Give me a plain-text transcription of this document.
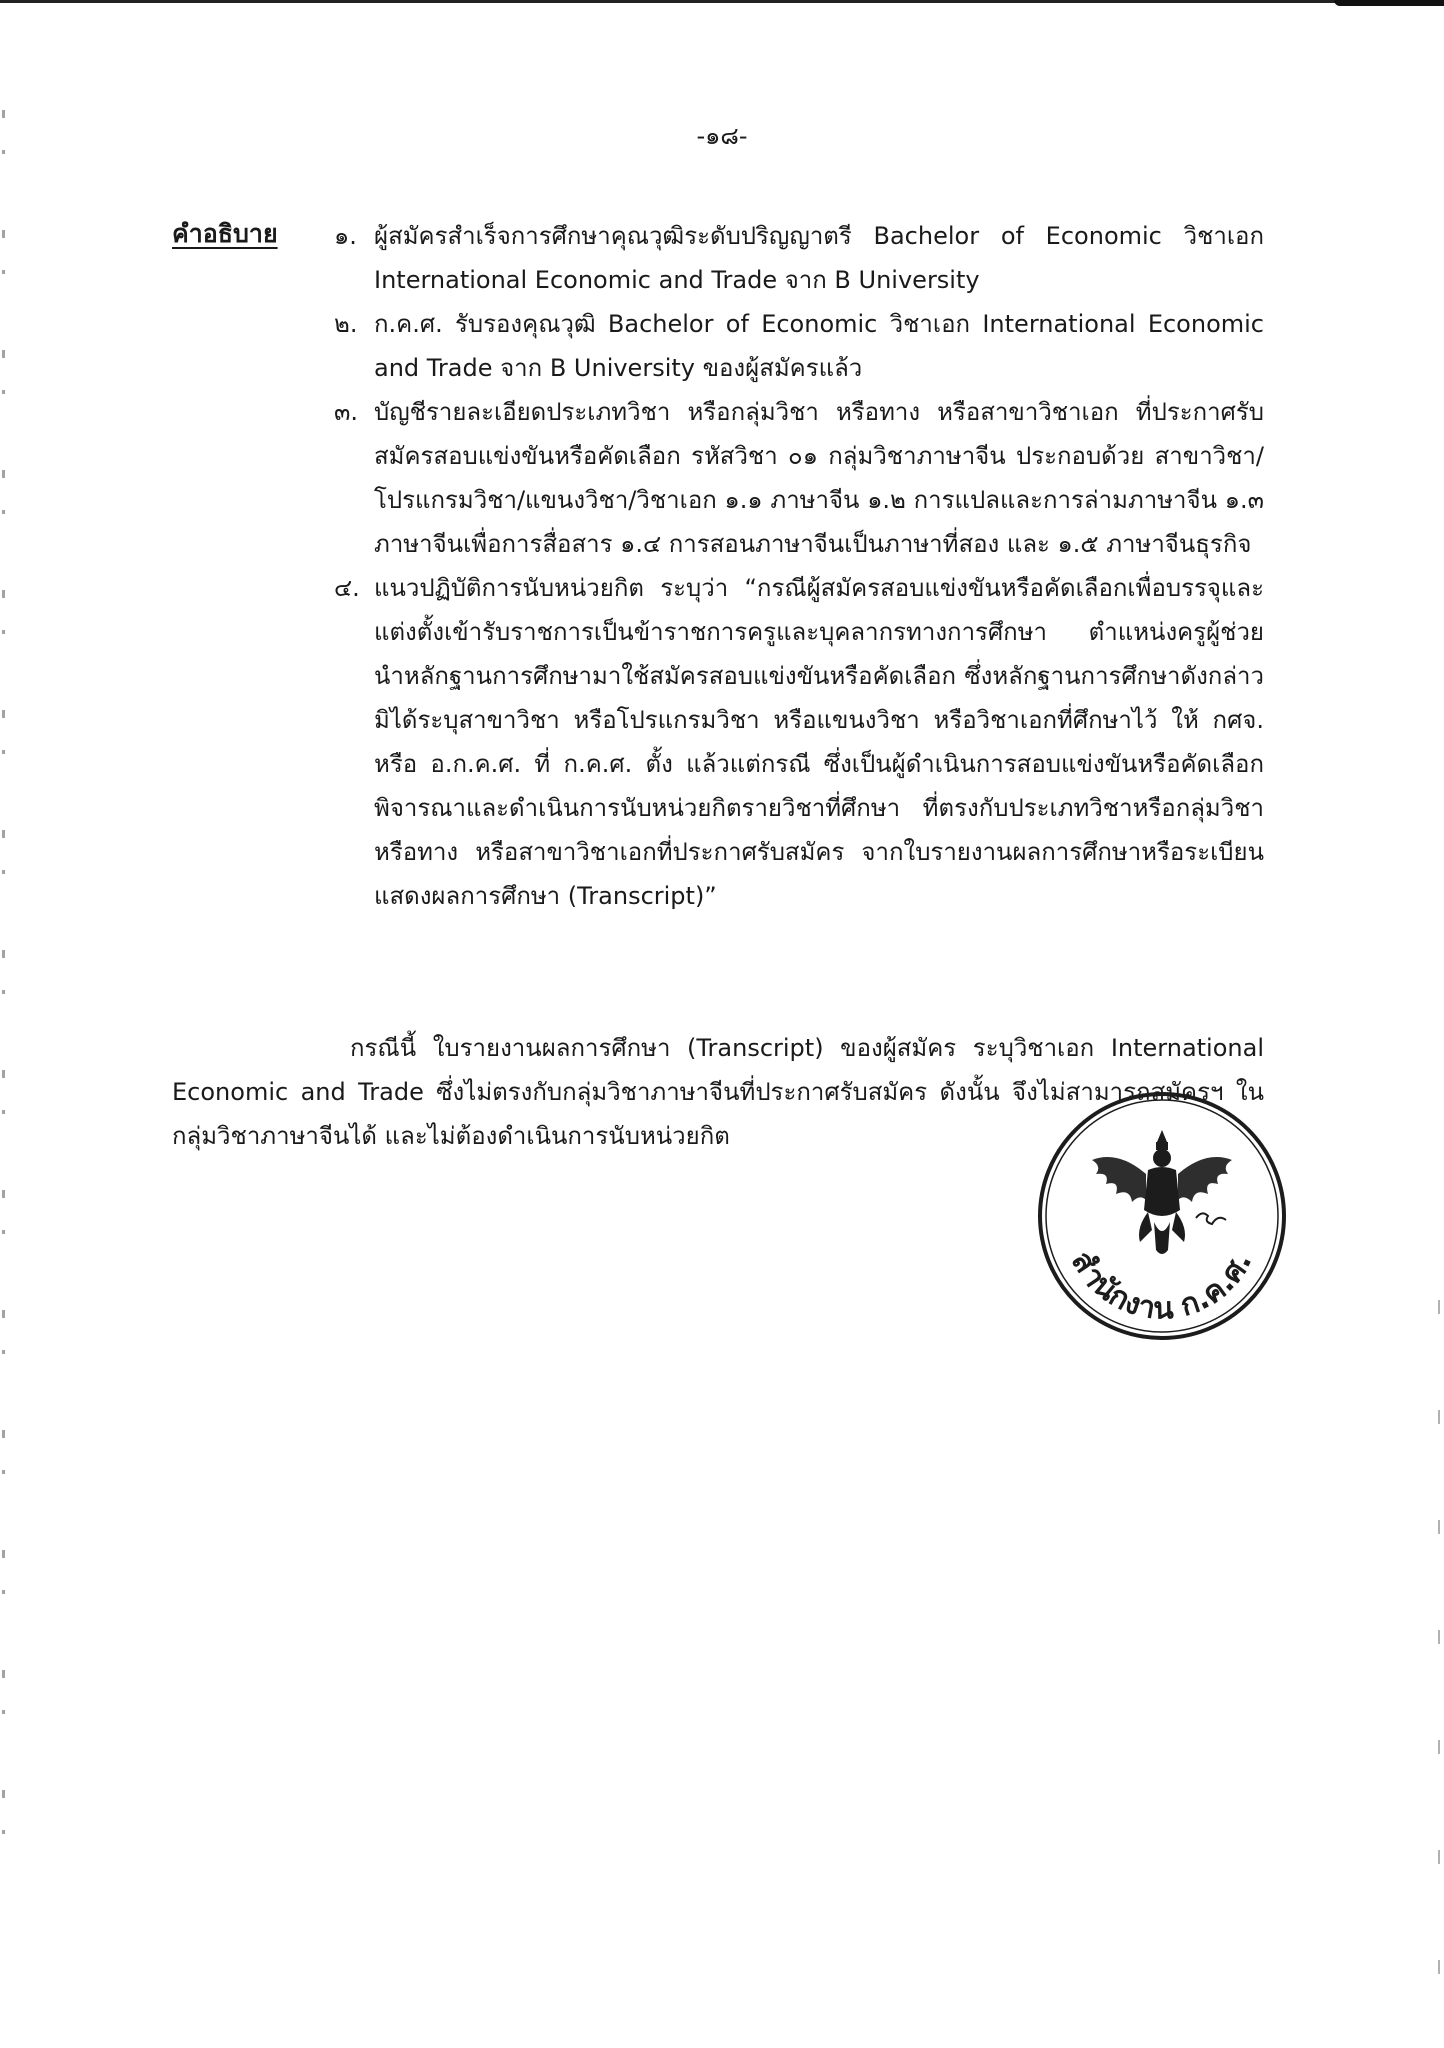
-๑๘-
คำอธิบาย ๑. ผู้สมัครสำเร็จการศึกษาคุณวุฒิระดับปริญญาตรี Bachelor of Economic วิชาเอก International Economic and Trade จาก B University
๒. ก.ค.ศ. รับรองคุณวุฒิ Bachelor of Economic วิชาเอก International Economic and Trade จาก B University ของผู้สมัครแล้ว
๓. บัญชีรายละเอียดประเภทวิชา หรือกลุ่มวิชา หรือทาง หรือสาขาวิชาเอก ที่ประกาศรับสมัครสอบแข่งขันหรือคัดเลือก รหัสวิชา ๐๑ กลุ่มวิชาภาษาจีน ประกอบด้วย สาขาวิชา/โปรแกรมวิชา/แขนงวิชา/วิชาเอก ๑.๑ ภาษาจีน ๑.๒ การแปลและการล่ามภาษาจีน ๑.๓ ภาษาจีนเพื่อการสื่อสาร ๑.๔ การสอนภาษาจีนเป็นภาษาที่สอง และ ๑.๕ ภาษาจีนธุรกิจ
๔. แนวปฏิบัติการนับหน่วยกิต ระบุว่า “กรณีผู้สมัครสอบแข่งขันหรือคัดเลือกเพื่อบรรจุและแต่งตั้งเข้ารับราชการเป็นข้าราชการครูและบุคลากรทางการศึกษา ตำแหน่งครูผู้ช่วย นำหลักฐานการศึกษามาใช้สมัครสอบแข่งขันหรือคัดเลือก ซึ่งหลักฐานการศึกษาดังกล่าวมิได้ระบุสาขาวิชา หรือโปรแกรมวิชา หรือแขนงวิชา หรือวิชาเอกที่ศึกษาไว้ ให้ กศจ. หรือ อ.ก.ค.ศ. ที่ ก.ค.ศ. ตั้ง แล้วแต่กรณี ซึ่งเป็นผู้ดำเนินการสอบแข่งขันหรือคัดเลือกพิจารณาและดำเนินการนับหน่วยกิตรายวิชาที่ศึกษา ที่ตรงกับประเภทวิชาหรือกลุ่มวิชา หรือทาง หรือสาขาวิชาเอกที่ประกาศรับสมัคร จากใบรายงานผลการศึกษาหรือระเบียนแสดงผลการศึกษา (Transcript)”

กรณีนี้ ใบรายงานผลการศึกษา (Transcript) ของผู้สมัคร ระบุวิชาเอก International Economic and Trade ซึ่งไม่ตรงกับกลุ่มวิชาภาษาจีนที่ประกาศรับสมัคร ดังนั้น จึงไม่สามารถสมัครฯ ในกลุ่มวิชาภาษาจีนได้ และไม่ต้องดำเนินการนับหน่วยกิต

สำนักงาน ก.ค.ศ.
